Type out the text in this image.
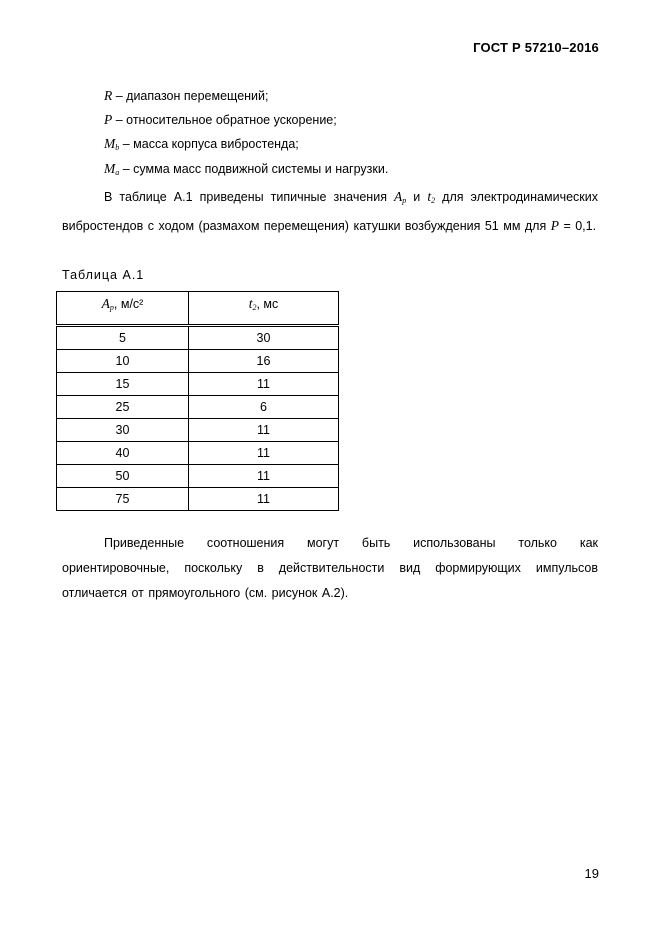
ГОСТ Р 57210–2016
R – диапазон перемещений;
P – относительное обратное ускорение;
$M_b$ – масса корпуса вибростенда;
$M_a$ – сумма масс подвижной системы и нагрузки.
В таблице А.1 приведены типичные значения $A_p$ и $t_2$ для электродинамических вибростендов с ходом (размахом перемещения) катушки возбуждения 51 мм для P = 0,1.
Таблица А.1
$A_p$, м/с²	$t_2$, мс
5	30
10	16
15	11
25	6
30	11
40	11
50	11
75	11
Приведенные соотношения могут быть использованы только как ориентировочные, поскольку в действительности вид формирующих импульсов отличается от прямоугольного (см. рисунок А.2).
19
